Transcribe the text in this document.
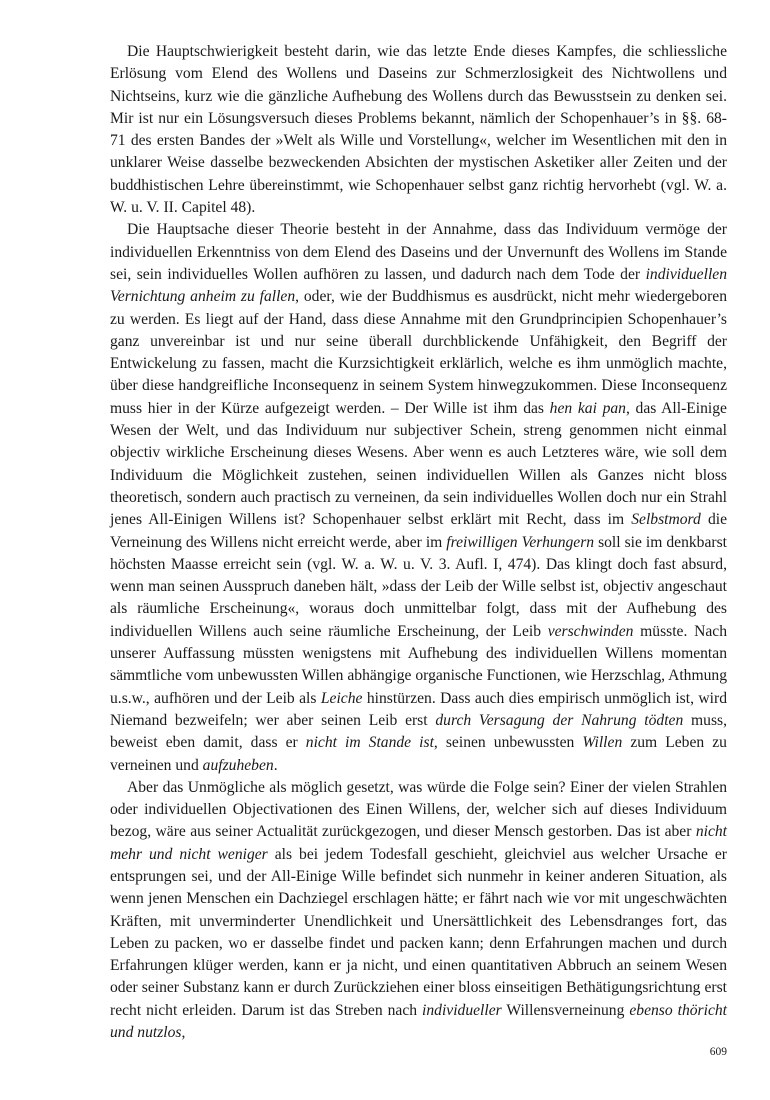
Die Hauptschwierigkeit besteht darin, wie das letzte Ende dieses Kampfes, die schliessliche Erlösung vom Elend des Wollens und Daseins zur Schmerzlosigkeit des Nichtwollens und Nichtseins, kurz wie die gänzliche Aufhebung des Wollens durch das Bewusstsein zu denken sei. Mir ist nur ein Lösungsversuch dieses Problems bekannt, nämlich der Schopenhauer’s in §§. 68-71 des ersten Bandes der »Welt als Wille und Vorstellung«, welcher im Wesentlichen mit den in unklarer Weise dasselbe bezweckenden Absichten der mystischen Asketiker aller Zeiten und der buddhistischen Lehre übereinstimmt, wie Schopenhauer selbst ganz richtig hervorhebt (vgl. W. a. W. u. V. II. Capitel 48).

Die Hauptsache dieser Theorie besteht in der Annahme, dass das Individuum vermöge der individuellen Erkenntniss von dem Elend des Daseins und der Unvernunft des Wollens im Stande sei, sein individuelles Wollen aufhören zu lassen, und dadurch nach dem Tode der individuellen Vernichtung anheim zu fallen, oder, wie der Buddhismus es ausdrückt, nicht mehr wiedergeboren zu werden. Es liegt auf der Hand, dass diese Annahme mit den Grundprincipien Schopenhauer’s ganz unvereinbar ist und nur seine überall durchblickende Unfähigkeit, den Begriff der Entwickelung zu fassen, macht die Kurzsichtigkeit erklärlich, welche es ihm unmöglich machte, über diese handgreifliche Inconsequenz in seinem System hinwegzukommen. Diese Inconsequenz muss hier in der Kürze aufgezeigt werden. – Der Wille ist ihm das hen kai pan, das All-Einige Wesen der Welt, und das Individuum nur subjectiver Schein, streng genommen nicht einmal objectiv wirkliche Erscheinung dieses Wesens. Aber wenn es auch Letzteres wäre, wie soll dem Individuum die Möglichkeit zustehen, seinen individuellen Willen als Ganzes nicht bloss theoretisch, sondern auch practisch zu verneinen, da sein individuelles Wollen doch nur ein Strahl jenes All-Einigen Willens ist? Schopenhauer selbst erklärt mit Recht, dass im Selbstmord die Verneinung des Willens nicht erreicht werde, aber im freiwilligen Verhungern soll sie im denkbarst höchsten Maasse erreicht sein (vgl. W. a. W. u. V. 3. Aufl. I, 474). Das klingt doch fast absurd, wenn man seinen Ausspruch daneben hält, »dass der Leib der Wille selbst ist, objectiv angeschaut als räumliche Erscheinung«, woraus doch unmittelbar folgt, dass mit der Aufhebung des individuellen Willens auch seine räumliche Erscheinung, der Leib verschwinden müsste. Nach unserer Auffassung müssten wenigstens mit Aufhebung des individuellen Willens momentan sämmtliche vom unbewussten Willen abhängige organische Functionen, wie Herzschlag, Athmung u.s.w., aufhören und der Leib als Leiche hinstürzen. Dass auch dies empirisch unmöglich ist, wird Niemand bezweifeln; wer aber seinen Leib erst durch Versagung der Nahrung tödten muss, beweist eben damit, dass er nicht im Stande ist, seinen unbewussten Willen zum Leben zu verneinen und aufzuheben.

Aber das Unmögliche als möglich gesetzt, was würde die Folge sein? Einer der vielen Strahlen oder individuellen Objectivationen des Einen Willens, der, welcher sich auf dieses Individuum bezog, wäre aus seiner Actualität zurückgezogen, und dieser Mensch gestorben. Das ist aber nicht mehr und nicht weniger als bei jedem Todesfall geschieht, gleichviel aus welcher Ursache er entsprungen sei, und der All-Einige Wille befindet sich nunmehr in keiner anderen Situation, als wenn jenen Menschen ein Dachziegel erschlagen hätte; er fährt nach wie vor mit ungeschwächten Kräften, mit unverminderter Unendlichkeit und Unersättlichkeit des Lebensdranges fort, das Leben zu packen, wo er dasselbe findet und packen kann; denn Erfahrungen machen und durch Erfahrungen klüger werden, kann er ja nicht, und einen quantitativen Abbruch an seinem Wesen oder seiner Substanz kann er durch Zurückziehen einer bloss einseitigen Bethätigungsrichtung erst recht nicht erleiden. Darum ist das Streben nach individueller Willensverneinung ebenso thöricht und nutzlos,

609
